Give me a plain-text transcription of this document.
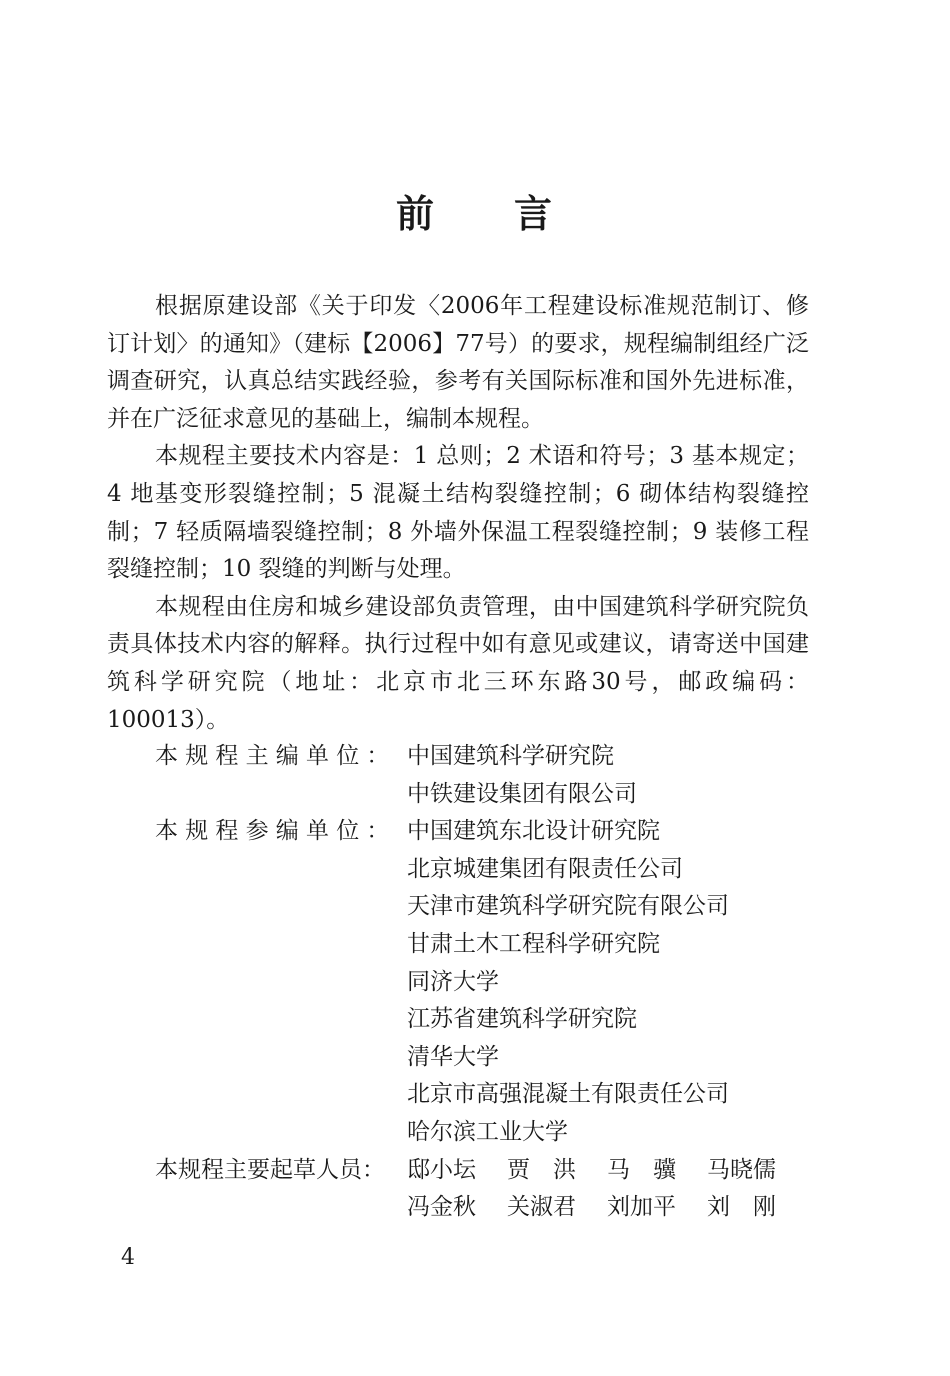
前 言

根据原建设部《关于印发〈2006年工程建设标准规范制订、修订计划〉的通知》（建标【2006】77号）的要求，规程编制组经广泛调查研究，认真总结实践经验，参考有关国际标准和国外先进标准，并在广泛征求意见的基础上，编制本规程。

本规程主要技术内容是：1 总则；2 术语和符号；3 基本规定；4 地基变形裂缝控制；5 混凝土结构裂缝控制；6 砌体结构裂缝控制；7 轻质隔墙裂缝控制；8 外墙外保温工程裂缝控制；9 装修工程裂缝控制；10 裂缝的判断与处理。

本规程由住房和城乡建设部负责管理，由中国建筑科学研究院负责具体技术内容的解释。执行过程中如有意见或建议，请寄送中国建筑科学研究院（地址：北京市北三环东路30号，邮政编码：100013）。

本规程主编单位： 中国建筑科学研究院
中铁建设集团有限公司
本规程参编单位： 中国建筑东北设计研究院
北京城建集团有限责任公司
天津市建筑科学研究院有限公司
甘肃土木工程科学研究院
同济大学
江苏省建筑科学研究院
清华大学
北京市高强混凝土有限责任公司
哈尔滨工业大学
本规程主要起草人员： 邸小坛	贾　洪	马　骥	马晓儒
冯金秋	关淑君	刘加平	刘　刚
4
